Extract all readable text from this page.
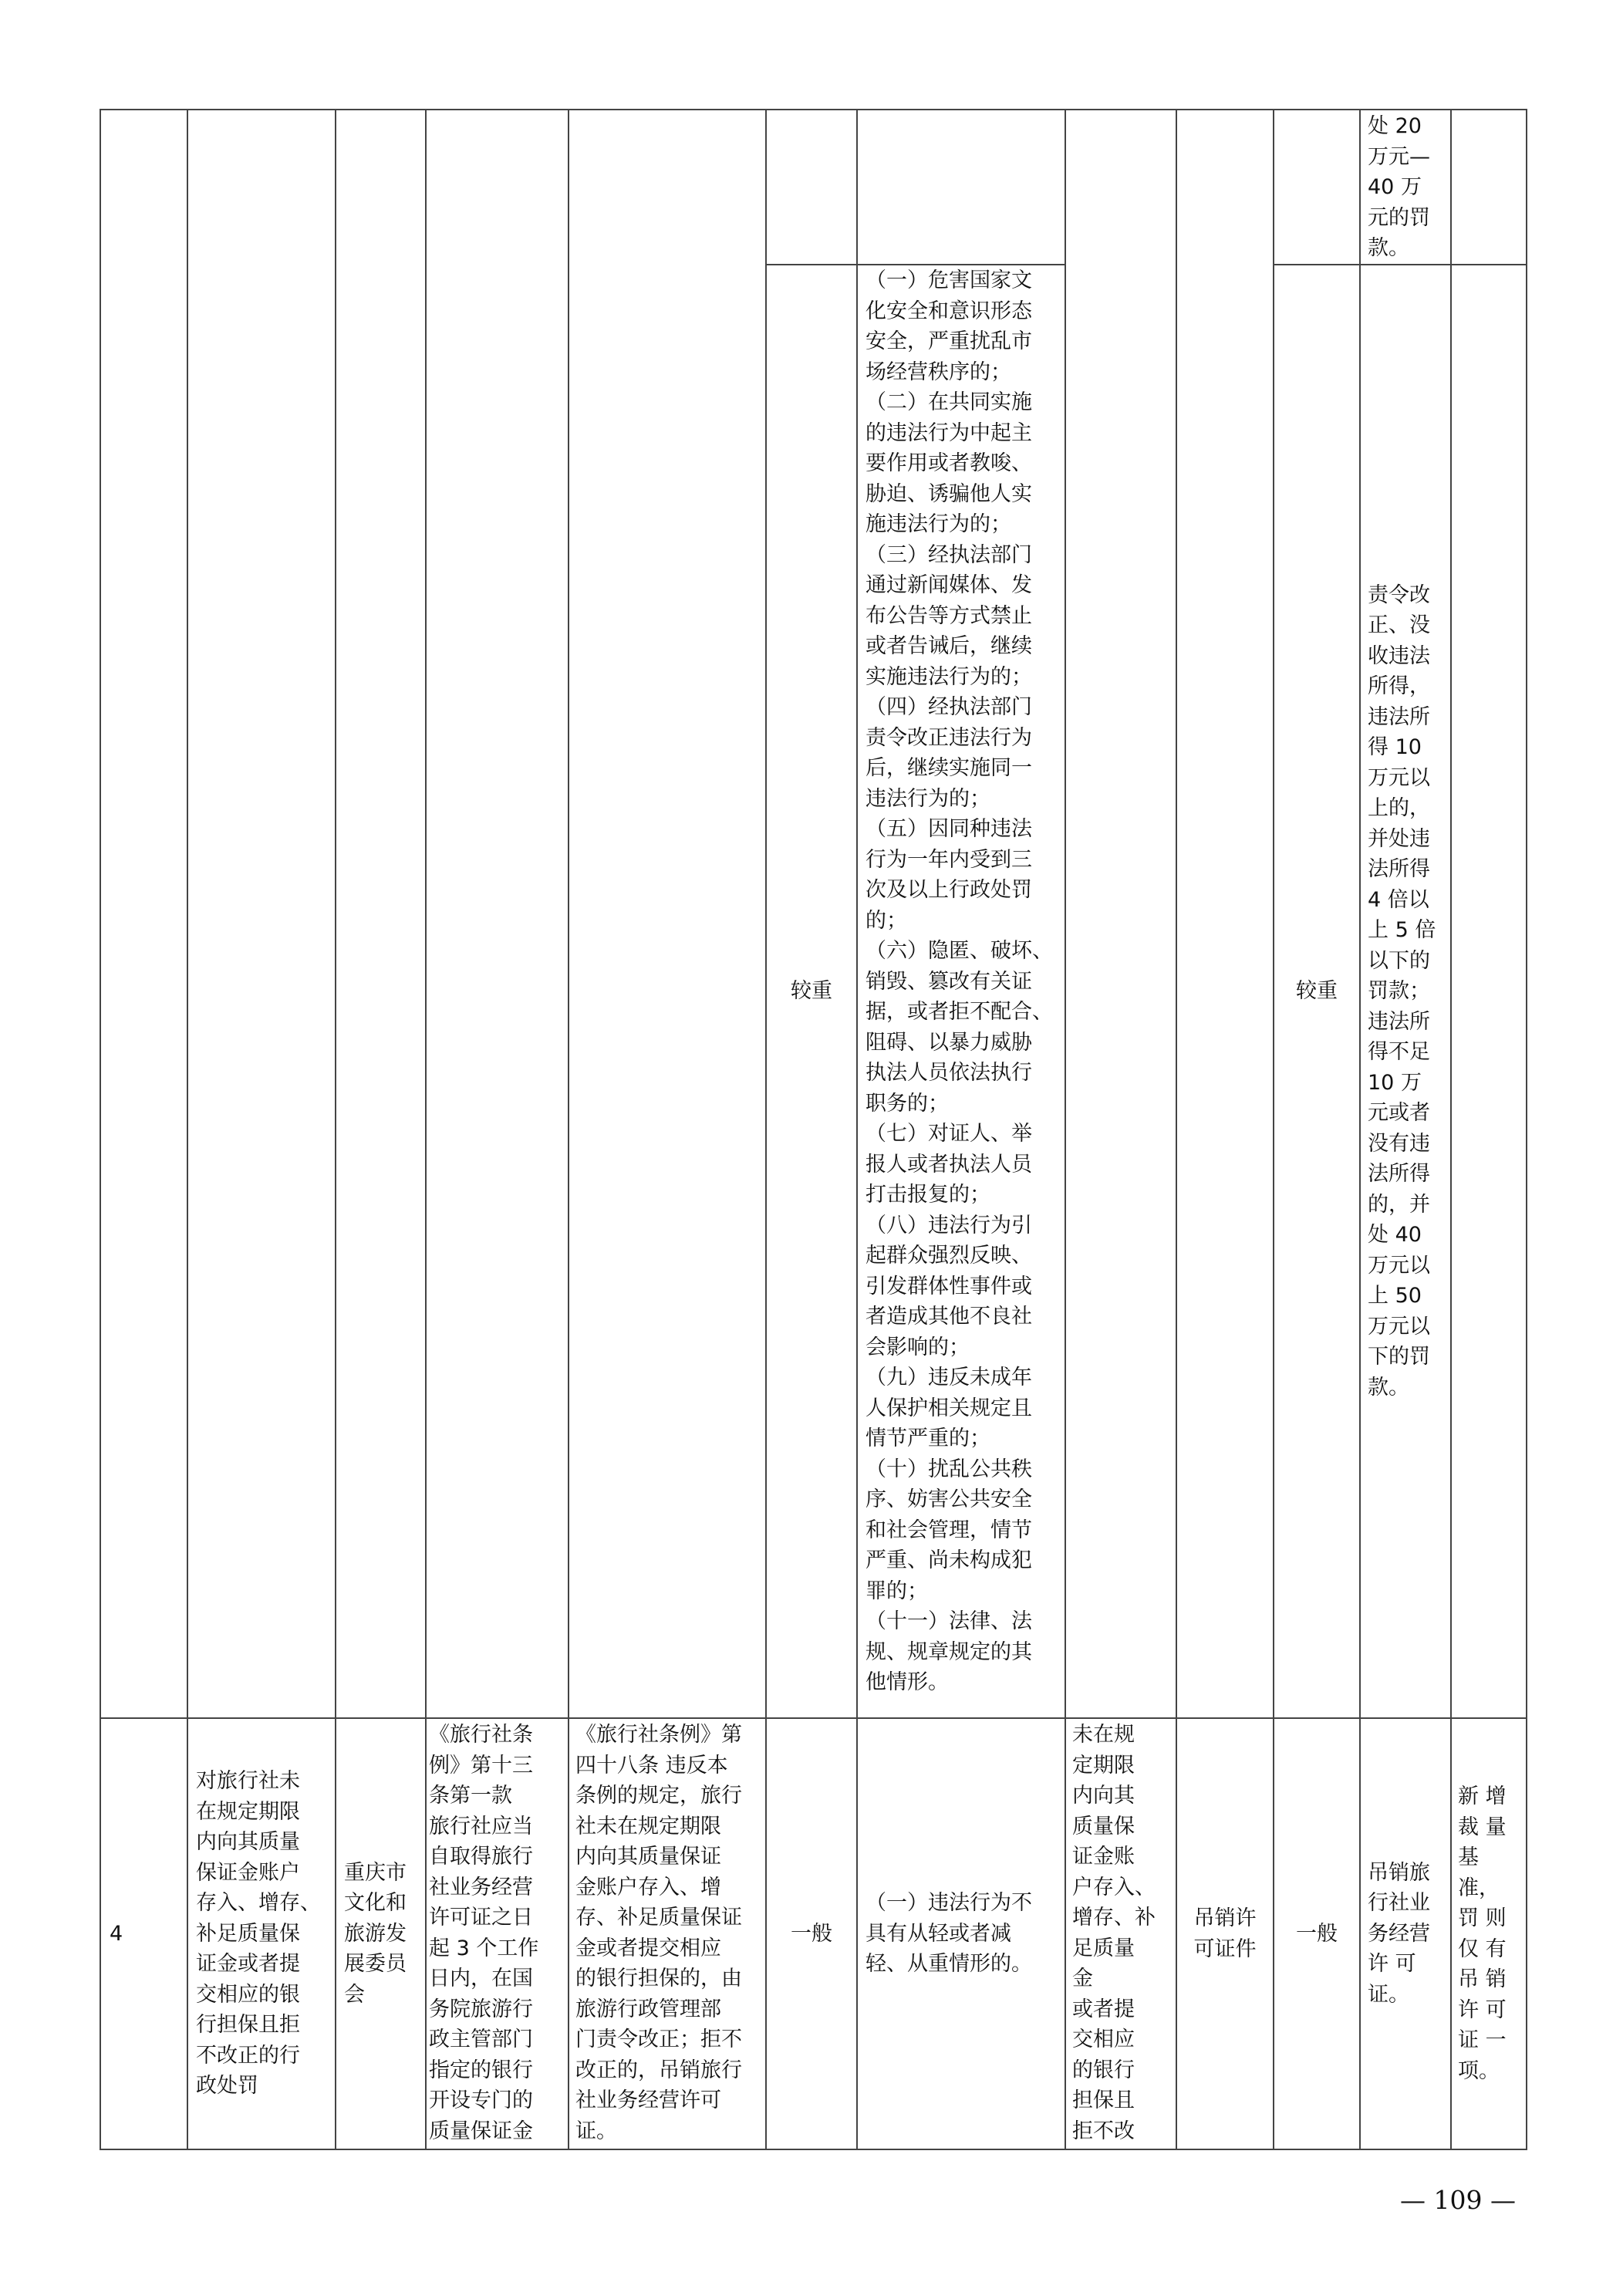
处 20
万元—
40 万
元的罚
款。
较重
（一）危害国家文
化安全和意识形态
安全，严重扰乱市
场经营秩序的；
（二）在共同实施
的违法行为中起主
要作用或者教唆、
胁迫、诱骗他人实
施违法行为的；
（三）经执法部门
通过新闻媒体、发
布公告等方式禁止
或者告诫后，继续
实施违法行为的；
（四）经执法部门
责令改正违法行为
后，继续实施同一
违法行为的；
（五）因同种违法
行为一年内受到三
次及以上行政处罚
的；
（六）隐匿、破坏、
销毁、篡改有关证
据，或者拒不配合、
阻碍、以暴力威胁
执法人员依法执行
职务的；
（七）对证人、举
报人或者执法人员
打击报复的；
（八）违法行为引
起群众强烈反映、
引发群体性事件或
者造成其他不良社
会影响的；
（九）违反未成年
人保护相关规定且
情节严重的；
（十）扰乱公共秩
序、妨害公共安全
和社会管理，情节
严重、尚未构成犯
罪的；
（十一）法律、法
规、规章规定的其
他情形。
较重
责令改
正、没
收违法
所得，
违法所
得 10
万元以
上的，
并处违
法所得
4 倍以
上 5 倍
以下的
罚款；
违法所
得不足
10 万
元或者
没有违
法所得
的，并
处 40
万元以
上 50
万元以
下的罚
款。
4
对旅行社未
在规定期限
内向其质量
保证金账户
存入、增存、
补足质量保
证金或者提
交相应的银
行担保且拒
不改正的行
政处罚
重庆市
文化和
旅游发
展委员
会
《旅行社条
例》第十三
条第一款
旅行社应当
自取得旅行
社业务经营
许可证之日
起 3 个工作
日内，在国
务院旅游行
政主管部门
指定的银行
开设专门的
质量保证金
《旅行社条例》第
四十八条 违反本
条例的规定，旅行
社未在规定期限
内向其质量保证
金账户存入、增
存、补足质量保证
金或者提交相应
的银行担保的，由
旅游行政管理部
门责令改正；拒不
改正的，吊销旅行
社业务经营许可
证。
一般
（一）违法行为不
具有从轻或者减
轻、从重情形的。
未在规
定期限
内向其
质量保
证金账
户存入、
增存、补
足质量
金
或者提
交相应
的银行
担保且
拒不改
吊销许
可证件
一般
吊销旅
行社业
务经营
许 可
证。
新 增
裁 量
基 准，
罚 则
仅 有
吊 销
许 可
证 一
项。
— 109 —
